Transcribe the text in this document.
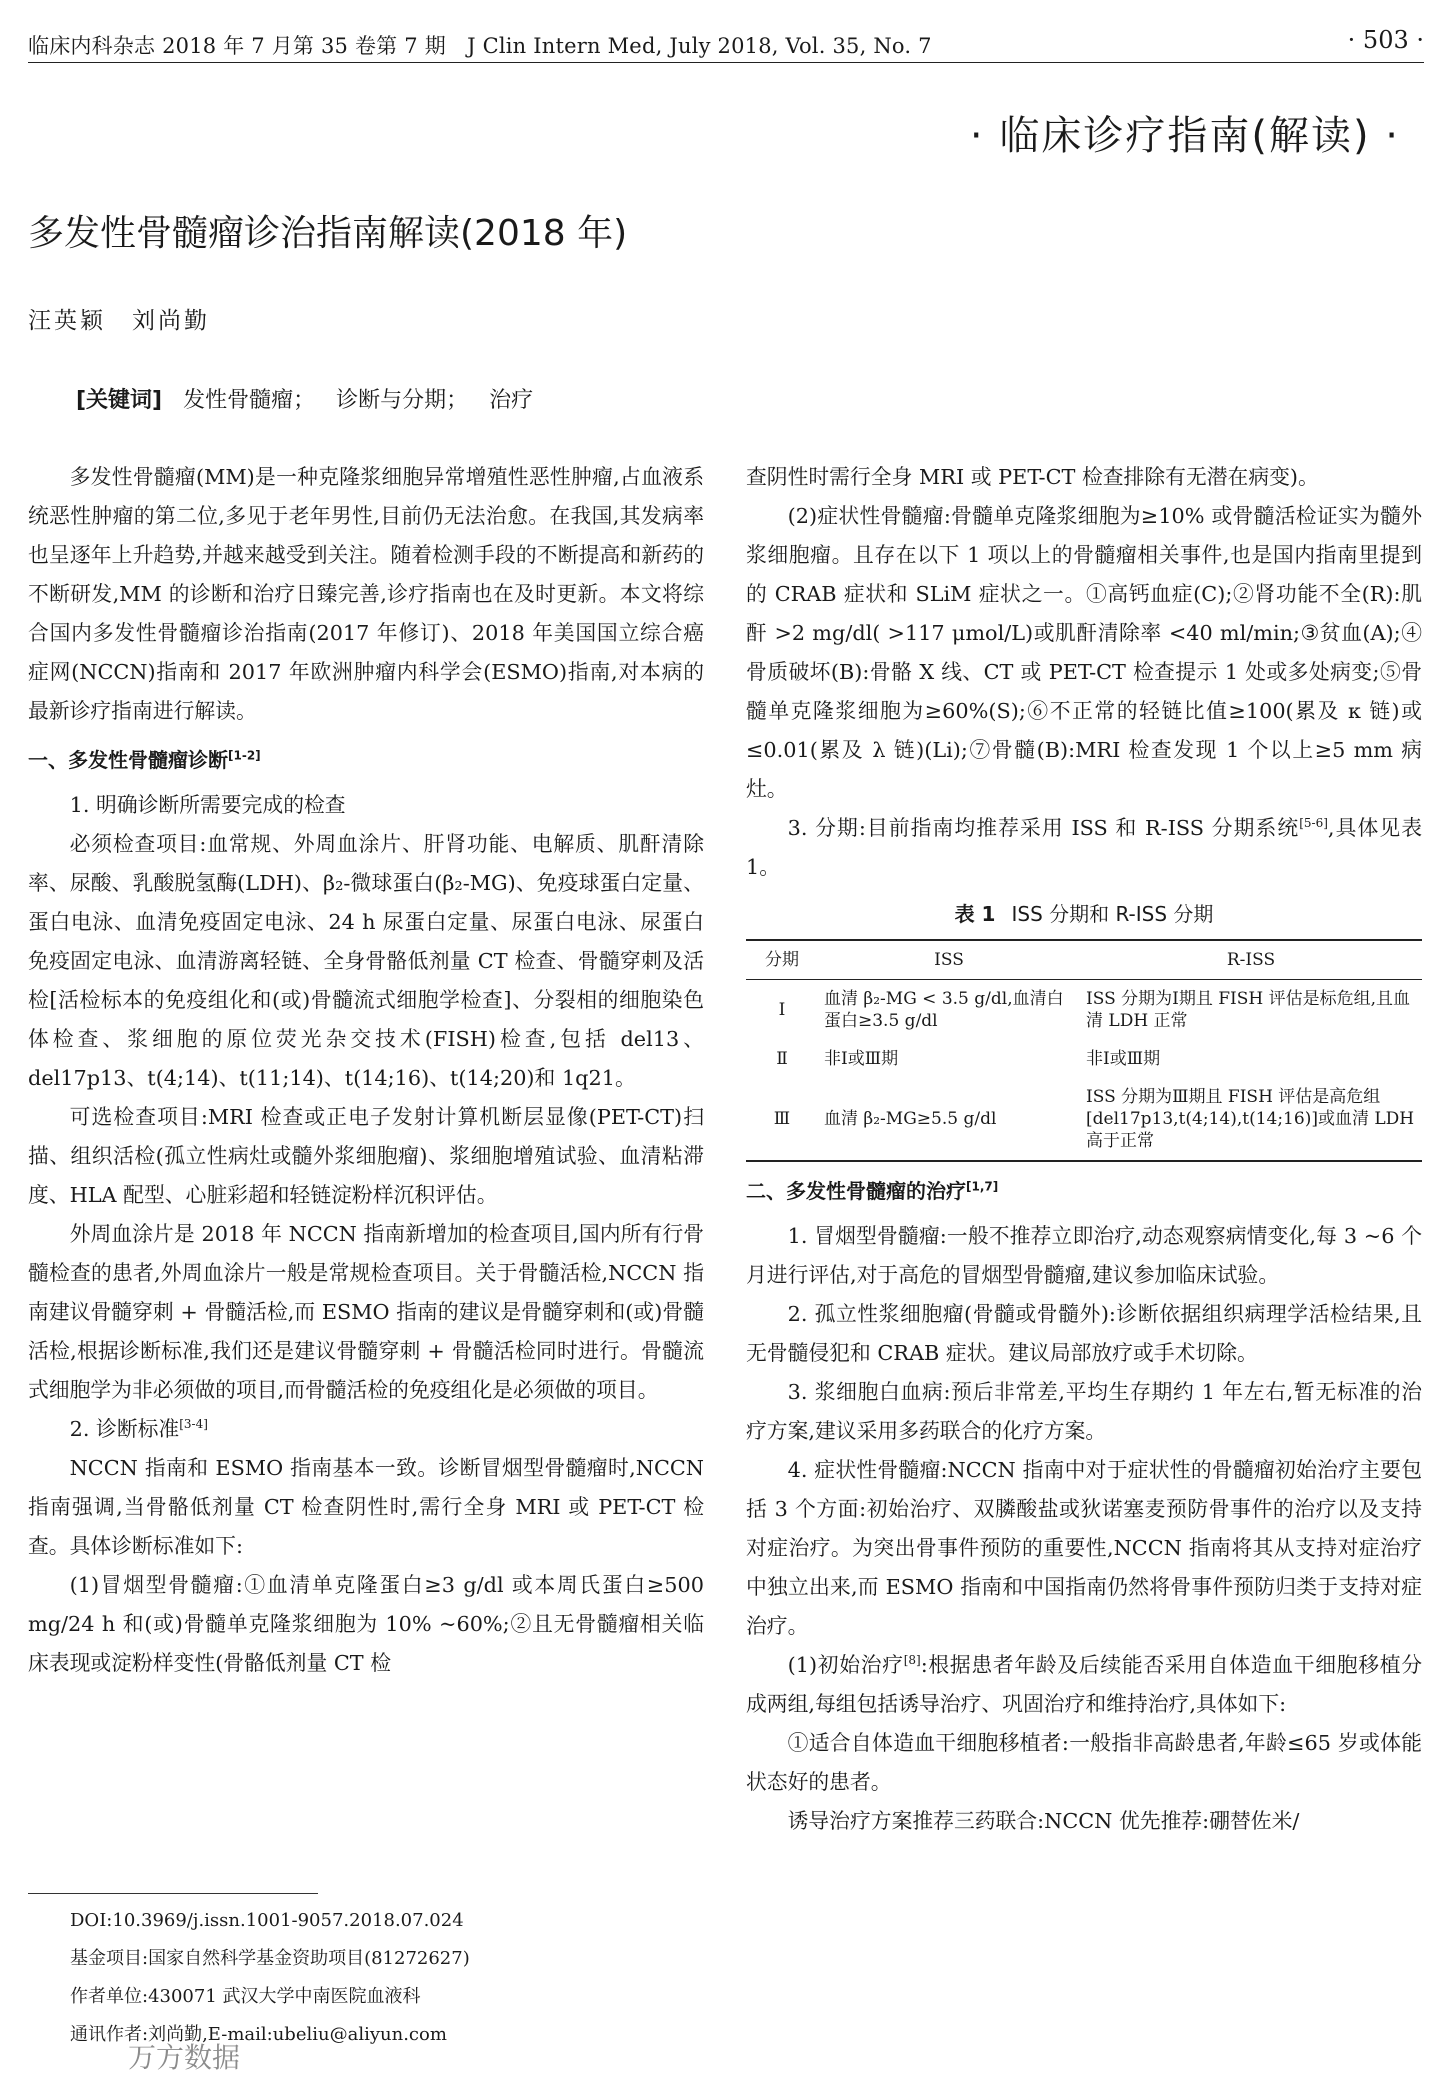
临床内科杂志 2018 年 7 月第 35 卷第 7 期　J Clin Intern Med, July 2018, Vol. 35, No. 7	· 503 ·
· 临床诊疗指南(解读) ·
多发性骨髓瘤诊治指南解读(2018 年)
汪英颖　刘尚勤
[关键词] 发性骨髓瘤； 诊断与分期； 治疗

多发性骨髓瘤(MM)是一种克隆浆细胞异常增殖性恶性肿瘤,占血液系统恶性肿瘤的第二位,多见于老年男性,目前仍无法治愈。在我国,其发病率也呈逐年上升趋势,并越来越受到关注。随着检测手段的不断提高和新药的不断研发,MM 的诊断和治疗日臻完善,诊疗指南也在及时更新。本文将综合国内多发性骨髓瘤诊治指南(2017 年修订)、2018 年美国国立综合癌症网(NCCN)指南和 2017 年欧洲肿瘤内科学会(ESMO)指南,对本病的最新诊疗指南进行解读。

一、多发性骨髓瘤诊断[1-2]

1. 明确诊断所需要完成的检查

必须检查项目:血常规、外周血涂片、肝肾功能、电解质、肌酐清除率、尿酸、乳酸脱氢酶(LDH)、β₂-微球蛋白(β₂-MG)、免疫球蛋白定量、蛋白电泳、血清免疫固定电泳、24 h 尿蛋白定量、尿蛋白电泳、尿蛋白免疫固定电泳、血清游离轻链、全身骨骼低剂量 CT 检查、骨髓穿刺及活检[活检标本的免疫组化和(或)骨髓流式细胞学检查]、分裂相的细胞染色体检查、浆细胞的原位荧光杂交技术(FISH)检查,包括 del13、del17p13、t(4;14)、t(11;14)、t(14;16)、t(14;20)和 1q21。

可选检查项目:MRI 检查或正电子发射计算机断层显像(PET-CT)扫描、组织活检(孤立性病灶或髓外浆细胞瘤)、浆细胞增殖试验、血清粘滞度、HLA 配型、心脏彩超和轻链淀粉样沉积评估。

外周血涂片是 2018 年 NCCN 指南新增加的检查项目,国内所有行骨髓检查的患者,外周血涂片一般是常规检查项目。关于骨髓活检,NCCN 指南建议骨髓穿刺 + 骨髓活检,而 ESMO 指南的建议是骨髓穿刺和(或)骨髓活检,根据诊断标准,我们还是建议骨髓穿刺 + 骨髓活检同时进行。骨髓流式细胞学为非必须做的项目,而骨髓活检的免疫组化是必须做的项目。

2. 诊断标准[3-4]

NCCN 指南和 ESMO 指南基本一致。诊断冒烟型骨髓瘤时,NCCN 指南强调,当骨骼低剂量 CT 检查阴性时,需行全身 MRI 或 PET-CT 检查。具体诊断标准如下:

(1)冒烟型骨髓瘤:①血清单克隆蛋白≥3 g/dl 或本周氏蛋白≥500 mg/24 h 和(或)骨髓单克隆浆细胞为 10% ~60%;②且无骨髓瘤相关临床表现或淀粉样变性(骨骼低剂量 CT 检

查阴性时需行全身 MRI 或 PET-CT 检查排除有无潜在病变)。

(2)症状性骨髓瘤:骨髓单克隆浆细胞为≥10% 或骨髓活检证实为髓外浆细胞瘤。且存在以下 1 项以上的骨髓瘤相关事件,也是国内指南里提到的 CRAB 症状和 SLiM 症状之一。①高钙血症(C);②肾功能不全(R):肌酐 >2 mg/dl( >117 μmol/L)或肌酐清除率 <40 ml/min;③贫血(A);④骨质破坏(B):骨骼 X 线、CT 或 PET-CT 检查提示 1 处或多处病变;⑤骨髓单克隆浆细胞为≥60%(S);⑥不正常的轻链比值≥100(累及 κ 链)或≤0.01(累及 λ 链)(Li);⑦骨髓(B):MRI 检查发现 1 个以上≥5 mm 病灶。

3. 分期:目前指南均推荐采用 ISS 和 R-ISS 分期系统[5-6],具体见表 1。

表 1 ISS 分期和 R-ISS 分期
分期	ISS	R-ISS
Ⅰ	血清 β₂-MG < 3.5 g/dl,血清白蛋白≥3.5 g/dl	ISS 分期为Ⅰ期且 FISH 评估是标危组,且血清 LDH 正常
Ⅱ	非Ⅰ或Ⅲ期	非Ⅰ或Ⅲ期
Ⅲ	血清 β₂-MG≥5.5 g/dl	ISS 分期为Ⅲ期且 FISH 评估是高危组[del17p13,t(4;14),t(14;16)]或血清 LDH 高于正常

二、多发性骨髓瘤的治疗[1,7]

1. 冒烟型骨髓瘤:一般不推荐立即治疗,动态观察病情变化,每 3 ~6 个月进行评估,对于高危的冒烟型骨髓瘤,建议参加临床试验。

2. 孤立性浆细胞瘤(骨髓或骨髓外):诊断依据组织病理学活检结果,且无骨髓侵犯和 CRAB 症状。建议局部放疗或手术切除。

3. 浆细胞白血病:预后非常差,平均生存期约 1 年左右,暂无标准的治疗方案,建议采用多药联合的化疗方案。

4. 症状性骨髓瘤:NCCN 指南中对于症状性的骨髓瘤初始治疗主要包括 3 个方面:初始治疗、双膦酸盐或狄诺塞麦预防骨事件的治疗以及支持对症治疗。为突出骨事件预防的重要性,NCCN 指南将其从支持对症治疗中独立出来,而 ESMO 指南和中国指南仍然将骨事件预防归类于支持对症治疗。

(1)初始治疗[8]:根据患者年龄及后续能否采用自体造血干细胞移植分成两组,每组包括诱导治疗、巩固治疗和维持治疗,具体如下:

①适合自体造血干细胞移植者:一般指非高龄患者,年龄≤65 岁或体能状态好的患者。

诱导治疗方案推荐三药联合:NCCN 优先推荐:硼替佐米/

DOI:10.3969/j.issn.1001-9057.2018.07.024
基金项目:国家自然科学基金资助项目(81272627)
作者单位:430071 武汉大学中南医院血液科
通讯作者:刘尚勤,E-mail:ubeliu@aliyun.com
万方数据
